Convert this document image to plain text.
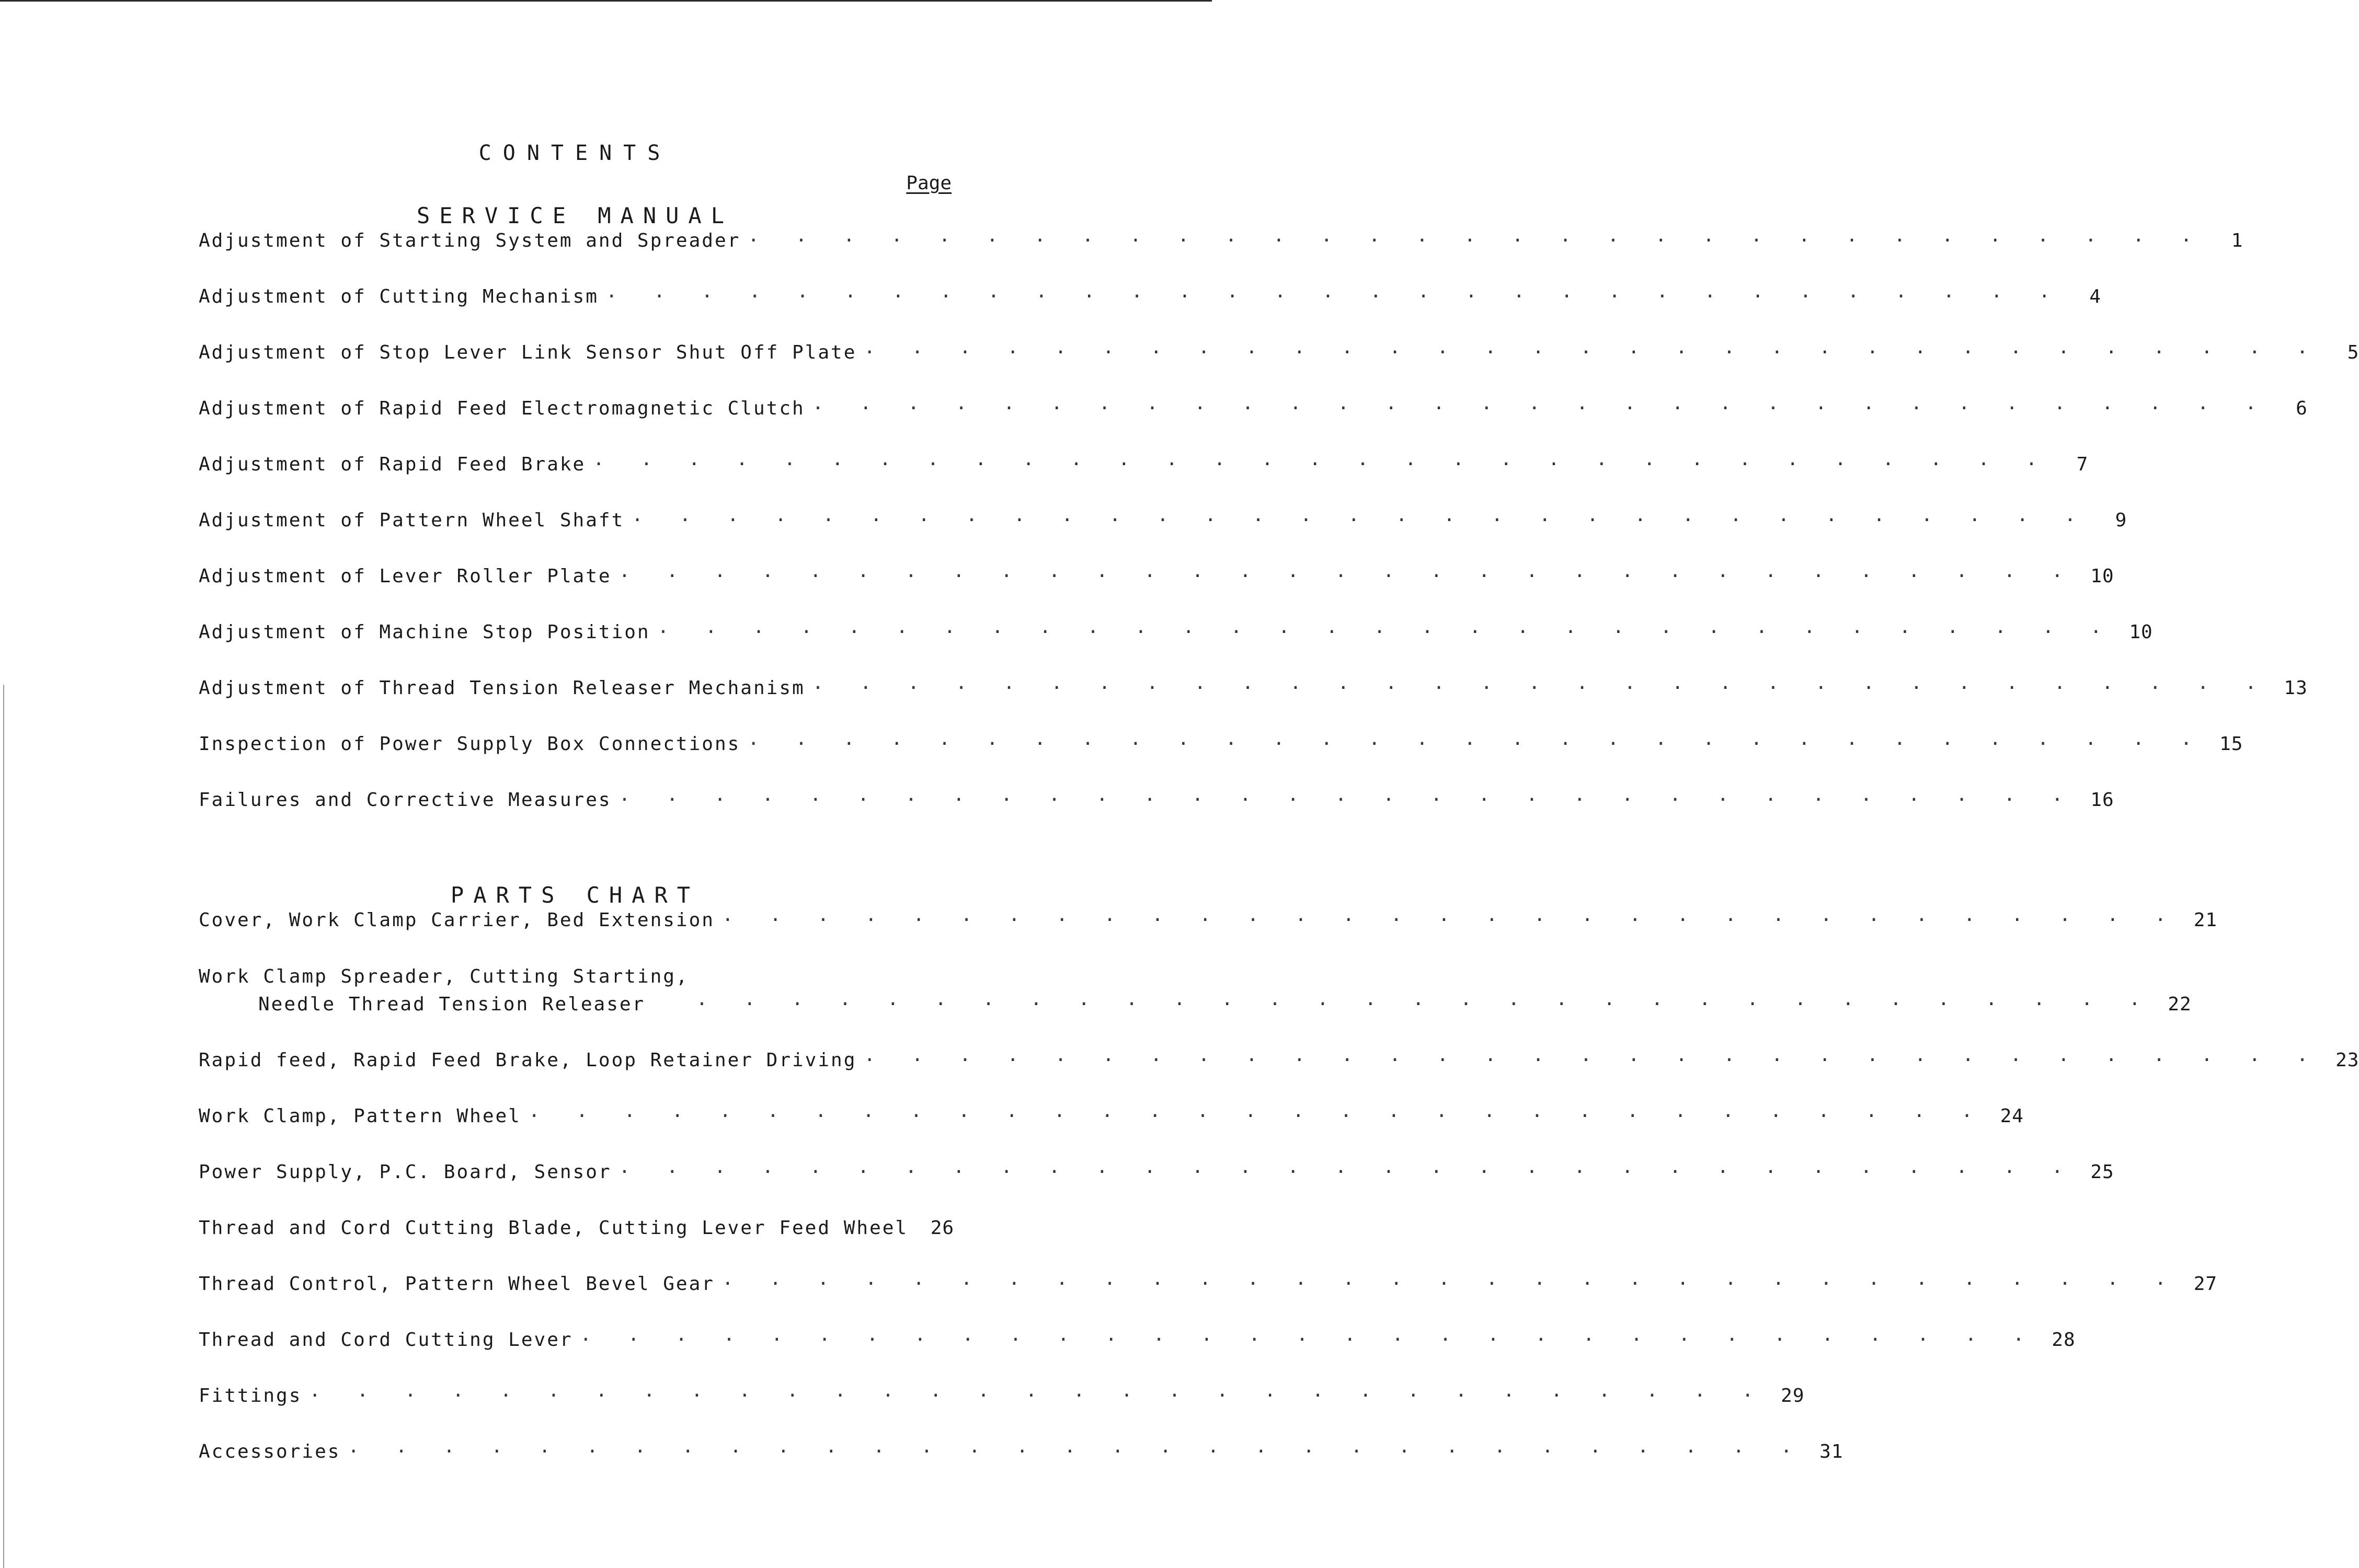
CONTENTS
Page
SERVICE MANUAL
Adjustment of Starting System and Spreader · · · · · · · · · · · · · · · · · · · · · · · · · · · · · · ·	1
Adjustment of Cutting Mechanism · · · · · · · · · · · · · · · · · · · · · · · · · · · · · · ·	4
Adjustment of Stop Lever Link Sensor Shut Off Plate · · · · · · · · · · · · · · · · · · · · · · · · · · · · · · ·	5
Adjustment of Rapid Feed Electromagnetic Clutch · · · · · · · · · · · · · · · · · · · · · · · · · · · · · · ·	6
Adjustment of Rapid Feed Brake · · · · · · · · · · · · · · · · · · · · · · · · · · · · · · ·	7
Adjustment of Pattern Wheel Shaft · · · · · · · · · · · · · · · · · · · · · · · · · · · · · · ·	9
Adjustment of Lever Roller Plate · · · · · · · · · · · · · · · · · · · · · · · · · · · · · · · 10
Adjustment of Machine Stop Position · · · · · · · · · · · · · · · · · · · · · · · · · · · · · · · 10
Adjustment of Thread Tension Releaser Mechanism · · · · · · · · · · · · · · · · · · · · · · · · · · · · · · · 13
Inspection of Power Supply Box Connections · · · · · · · · · · · · · · · · · · · · · · · · · · · · · · · 15
Failures and Corrective Measures · · · · · · · · · · · · · · · · · · · · · · · · · · · · · · · 16
PARTS CHART
Cover, Work Clamp Carrier, Bed Extension · · · · · · · · · · · · · · · · · · · · · · · · · · · · · · · 21
Work Clamp Spreader, Cutting Starting,
Needle Thread Tension Releaser	· · · · · · · · · · · · · · · · · · · · · · · · · · · · · · · 22
Rapid feed, Rapid Feed Brake, Loop Retainer Driving · · · · · · · · · · · · · · · · · · · · · · · · · · · · · · · 23
Work Clamp, Pattern Wheel · · · · · · · · · · · · · · · · · · · · · · · · · · · · · · · 24
Power Supply, P.C. Board, Sensor · · · · · · · · · · · · · · · · · · · · · · · · · · · · · · · 25
Thread and Cord Cutting Blade, Cutting Lever Feed Wheel	26
Thread Control, Pattern Wheel Bevel Gear · · · · · · · · · · · · · · · · · · · · · · · · · · · · · · · 27
Thread and Cord Cutting Lever · · · · · · · · · · · · · · · · · · · · · · · · · · · · · · · 28
Fittings · · · · · · · · · · · · · · · · · · · · · · · · · · · · · · · 29
Accessories · · · · · · · · · · · · · · · · · · · · · · · · · · · · · · · 31
